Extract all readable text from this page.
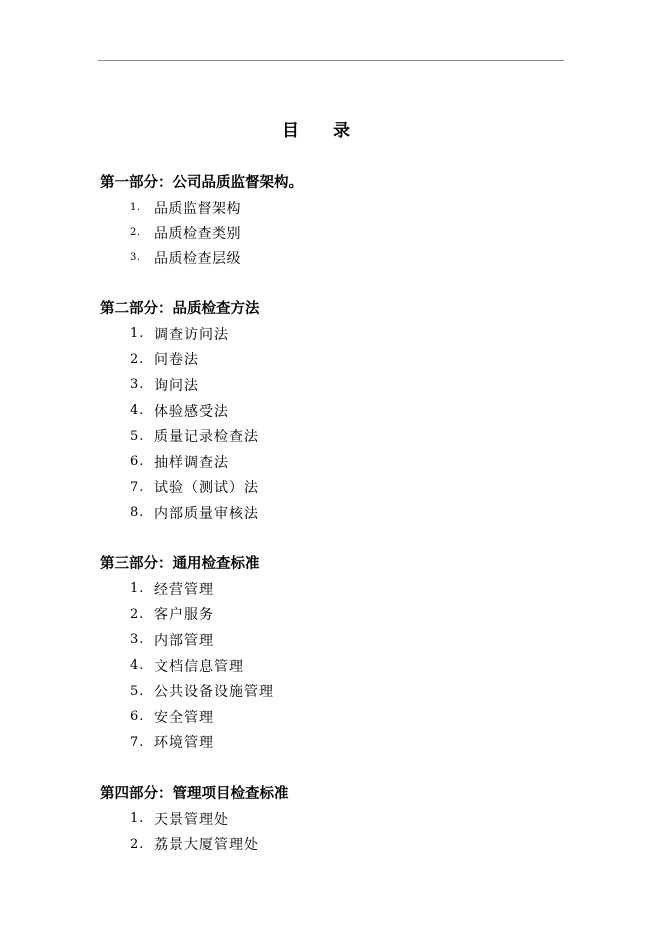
目 录
第一部分：公司品质监督架构。
1. 品质监督架构
2. 品质检查类别
3. 品质检查层级
第二部分：品质检查方法
1. 调查访问法
2. 问卷法
3. 询问法
4. 体验感受法
5. 质量记录检查法
6. 抽样调查法
7. 试验（测试）法
8. 内部质量审核法
第三部分：通用检查标准
1. 经营管理
2. 客户服务
3. 内部管理
4. 文档信息管理
5. 公共设备设施管理
6. 安全管理
7. 环境管理
第四部分：管理项目检查标准
1. 天景管理处
2. 荔景大厦管理处
